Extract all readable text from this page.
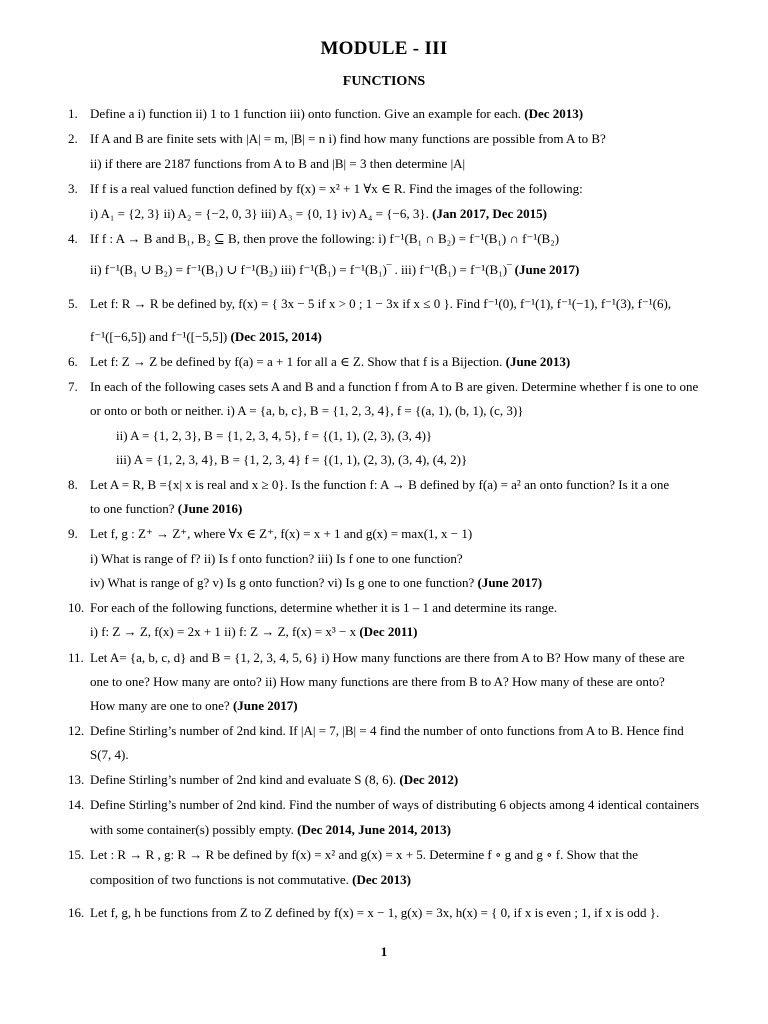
MODULE - III
FUNCTIONS
1. Define a i) function ii) 1 to 1 function iii) onto function. Give an example for each. (Dec 2013)
2. If A and B are finite sets with |A| = m, |B| = n i) find how many functions are possible from A to B?
ii) if there are 2187 functions from A to B and |B| = 3 then determine |A|
3. If f is a real valued function defined by f(x) = x² + 1 ∀x ∈ R. Find the images of the following:
i) A₁ = {2, 3} ii) A₂ = {−2, 0, 3} iii) A₃ = {0, 1} iv) A₄ = {−6, 3}. (Jan 2017, Dec 2015)
4. If f : A → B and B₁, B₂ ⊆ B, then prove the following: i) f⁻¹(B₁ ∩ B₂) = f⁻¹(B₁) ∩ f⁻¹(B₂)
ii) f⁻¹(B₁ ∪ B₂) = f⁻¹(B₁) ∪ f⁻¹(B₂) iii) f⁻¹(B̄₁) = f⁻¹(B₁)‾ . iii) f⁻¹(B̄₁) = f⁻¹(B₁)‾ (June 2017)
5. Let f: R → R be defined by, f(x) = { 3x − 5 if x > 0 ; 1 − 3x if x ≤ 0 }. Find f⁻¹(0), f⁻¹(1), f⁻¹(−1), f⁻¹(3), f⁻¹(6),
f⁻¹([−6,5]) and f⁻¹([−5,5]) (Dec 2015, 2014)
6. Let f: Z → Z be defined by f(a) = a + 1 for all a ∈ Z. Show that f is a Bijection. (June 2013)
7. In each of the following cases sets A and B and a function f from A to B are given. Determine whether f is one to one
or onto or both or neither. i) A = {a, b, c}, B = {1, 2, 3, 4}, f = {(a, 1), (b, 1), (c, 3)}
ii) A = {1, 2, 3}, B = {1, 2, 3, 4, 5}, f = {(1, 1), (2, 3), (3, 4)}
iii) A = {1, 2, 3, 4}, B = {1, 2, 3, 4} f = {(1, 1), (2, 3), (3, 4), (4, 2)}
8. Let A = R, B ={x| x is real and x ≥ 0}. Is the function f: A → B defined by f(a) = a² an onto function? Is it a one
to one function? (June 2016)
9. Let f, g : Z⁺ → Z⁺, where ∀x ∈ Z⁺, f(x) = x + 1 and g(x) = max(1, x − 1)
i) What is range of f? ii) Is f onto function? iii) Is f one to one function?
iv) What is range of g? v) Is g onto function? vi) Is g one to one function? (June 2017)
10. For each of the following functions, determine whether it is 1 – 1 and determine its range.
i) f: Z → Z, f(x) = 2x + 1 ii) f: Z → Z, f(x) = x³ − x (Dec 2011)
11. Let A= {a, b, c, d} and B = {1, 2, 3, 4, 5, 6} i) How many functions are there from A to B? How many of these are
one to one? How many are onto? ii) How many functions are there from B to A? How many of these are onto?
How many are one to one? (June 2017)
12. Define Stirling’s number of 2nd kind. If |A| = 7, |B| = 4 find the number of onto functions from A to B. Hence find
S(7, 4).
13. Define Stirling’s number of 2nd kind and evaluate S (8, 6). (Dec 2012)
14. Define Stirling’s number of 2nd kind. Find the number of ways of distributing 6 objects among 4 identical containers
with some container(s) possibly empty. (Dec 2014, June 2014, 2013)
15. Let : R → R , g: R → R be defined by f(x) = x² and g(x) = x + 5. Determine f ∘ g and g ∘ f. Show that the
composition of two functions is not commutative. (Dec 2013)
16. Let f, g, h be functions from Z to Z defined by f(x) = x − 1, g(x) = 3x, h(x) = { 0, if x is even ; 1, if x is odd }.
1
